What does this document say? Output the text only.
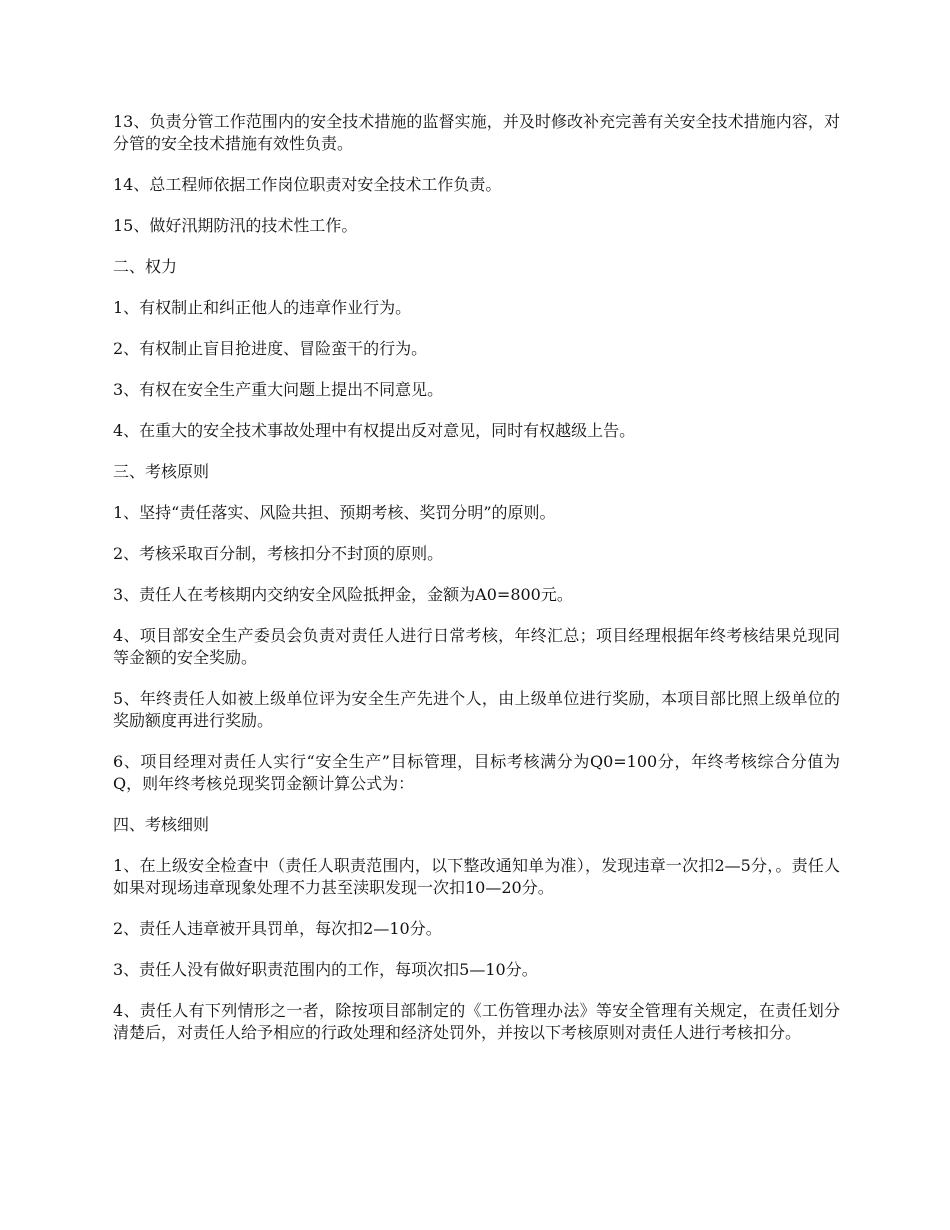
13、负责分管工作范围内的安全技术措施的监督实施，并及时修改补充完善有关安全技术措施内容，对分管的安全技术措施有效性负责。

14、总工程师依据工作岗位职责对安全技术工作负责。

15、做好汛期防汛的技术性工作。

二、权力

1、有权制止和纠正他人的违章作业行为。

2、有权制止盲目抢进度、冒险蛮干的行为。

3、有权在安全生产重大问题上提出不同意见。

4、在重大的安全技术事故处理中有权提出反对意见，同时有权越级上告。

三、考核原则

1、坚持“责任落实、风险共担、预期考核、奖罚分明”的原则。

2、考核采取百分制，考核扣分不封顶的原则。

3、责任人在考核期内交纳安全风险抵押金，金额为A0=800元。

4、项目部安全生产委员会负责对责任人进行日常考核，年终汇总；项目经理根据年终考核结果兑现同等金额的安全奖励。

5、年终责任人如被上级单位评为安全生产先进个人，由上级单位进行奖励，本项目部比照上级单位的奖励额度再进行奖励。

6、项目经理对责任人实行“安全生产”目标管理，目标考核满分为Q0=100分，年终考核综合分值为Q，则年终考核兑现奖罚金额计算公式为：

四、考核细则

1、在上级安全检查中（责任人职责范围内，以下整改通知单为准），发现违章一次扣2—5分，。责任人如果对现场违章现象处理不力甚至渎职发现一次扣10—20分。

2、责任人违章被开具罚单，每次扣2—10分。

3、责任人没有做好职责范围内的工作，每项次扣5—10分。

4、责任人有下列情形之一者，除按项目部制定的《工伤管理办法》等安全管理有关规定，在责任划分清楚后，对责任人给予相应的行政处理和经济处罚外，并按以下考核原则对责任人进行考核扣分。
